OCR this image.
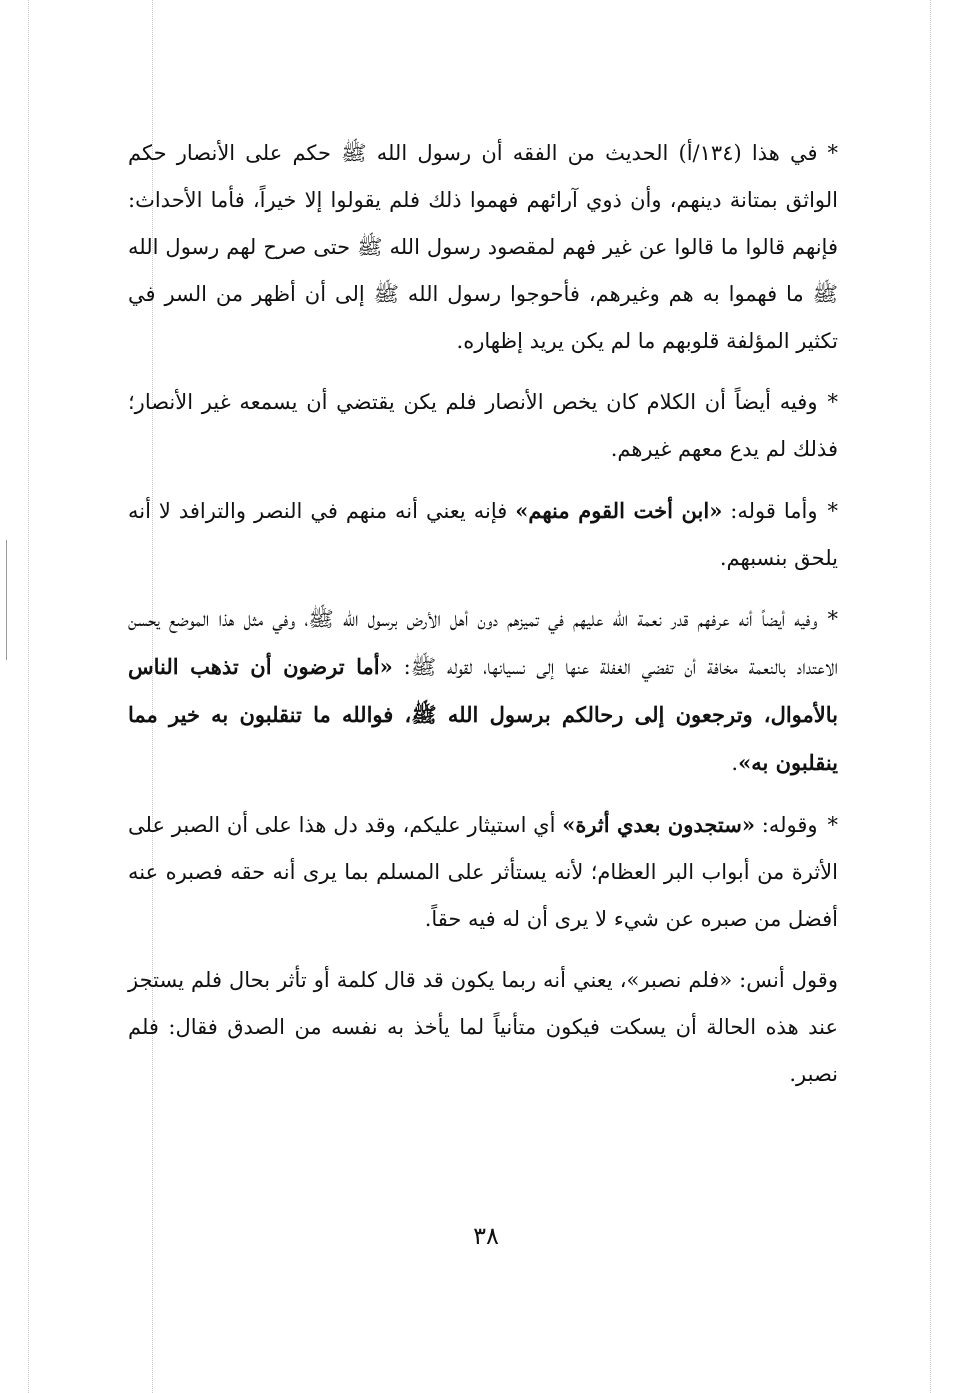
*في هذا (١٣٤/أ) الحديث من الفقه أن رسول الله ﷺ حكم على الأنصار حكم الواثق بمتانة دينهم، وأن ذوي آرائهم فهموا ذلك فلم يقولوا إلا خيراً، فأما الأحداث: فإنهم قالوا ما قالوا عن غير فهم لمقصود رسول الله ﷺ حتى صرح لهم رسول الله ﷺ ما فهموا به هم وغيرهم، فأحوجوا رسول الله ﷺ إلى أن أظهر من السر في تكثير المؤلفة قلوبهم ما لم يكن يريد إظهاره.

*وفيه أيضاً أن الكلام كان يخص الأنصار فلم يكن يقتضي أن يسمعه غير الأنصار؛ فذلك لم يدع معهم غيرهم.

*وأما قوله: «ابن أخت القوم منهم» فإنه يعني أنه منهم في النصر والترافد لا أنه يلحق بنسبهم.

*وفيه أيضاً أنه عرفهم قدر نعمة الله عليهم في تميزهم دون أهل الأرض برسول الله ﷺ، وفي مثل هذا الموضع يحسن الاعتداد بالنعمة مخافة أن تفضي الغفلة عنها إلى نسيانها، لقوله ﷺ: «أما ترضون أن تذهب الناس بالأموال، وترجعون إلى رحالكم برسول الله ﷺ، فوالله ما تنقلبون به خير مما ينقلبون به».

*وقوله: «ستجدون بعدي أثرة» أي استيثار عليكم، وقد دل هذا على أن الصبر على الأثرة من أبواب البر العظام؛ لأنه يستأثر على المسلم بما يرى أنه حقه فصبره عنه أفضل من صبره عن شيء لا يرى أن له فيه حقاً.

وقول أنس: «فلم نصبر»، يعني أنه ربما يكون قد قال كلمة أو تأثر بحال فلم يستجز عند هذه الحالة أن يسكت فيكون متأنياً لما يأخذ به نفسه من الصدق فقال: فلم نصبر.

٣٨
